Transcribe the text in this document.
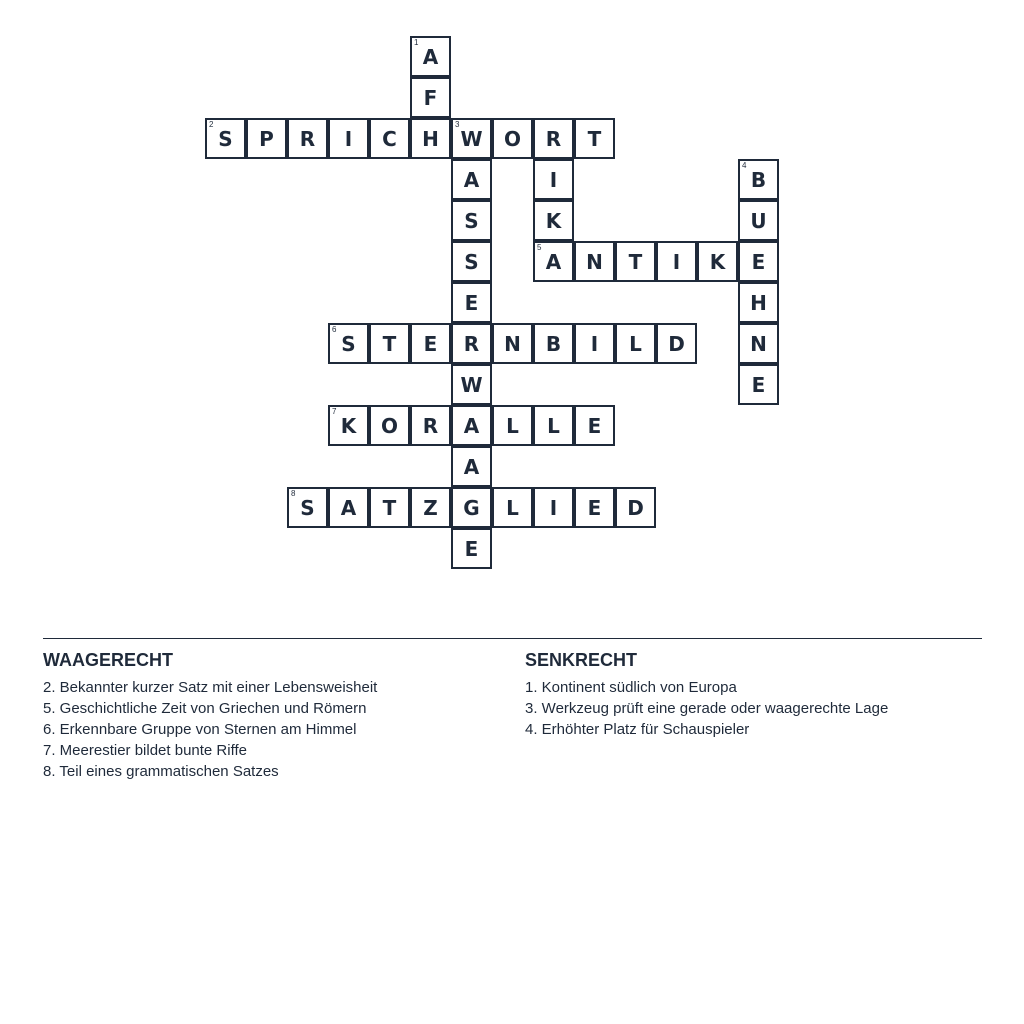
1
A
F
2
S P R I C H
3
W O R T
A	I
4
B
S	K	U
S
5
A N T I K E
E	H
6
S T E R N B I L D	N
W	E
7
K O R A L L E
A
8
S A T Z G L I E D
E
WAAGERECHT
2. Bekannter kurzer Satz mit einer Lebensweisheit
5. Geschichtliche Zeit von Griechen und Römern
6. Erkennbare Gruppe von Sternen am Himmel
7. Meerestier bildet bunte Riffe
8. Teil eines grammatischen Satzes
SENKRECHT
1. Kontinent südlich von Europa
3. Werkzeug prüft eine gerade oder waagerechte Lage
4. Erhöhter Platz für Schauspieler
